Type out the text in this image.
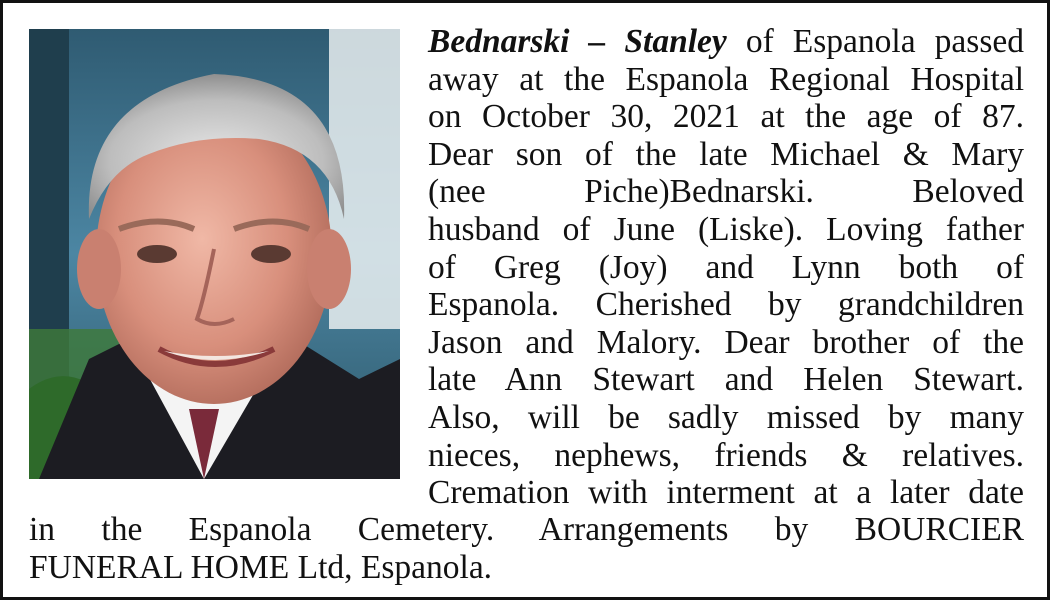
Bednarski – Stanley of Espanola passed
away at the Espanola Regional Hospital
on October 30, 2021 at the age of 87.
Dear son of the late Michael & Mary
(nee Piche)Bednarski. Beloved
husband of June (Liske). Loving father
of Greg (Joy) and Lynn both of
Espanola. Cherished by grandchildren
Jason and Malory. Dear brother of the
late Ann Stewart and Helen Stewart.
Also, will be sadly missed by many
nieces, nephews, friends & relatives.
Cremation with interment at a later date
in the Espanola Cemetery. Arrangements by BOURCIER
FUNERAL HOME Ltd, Espanola.
